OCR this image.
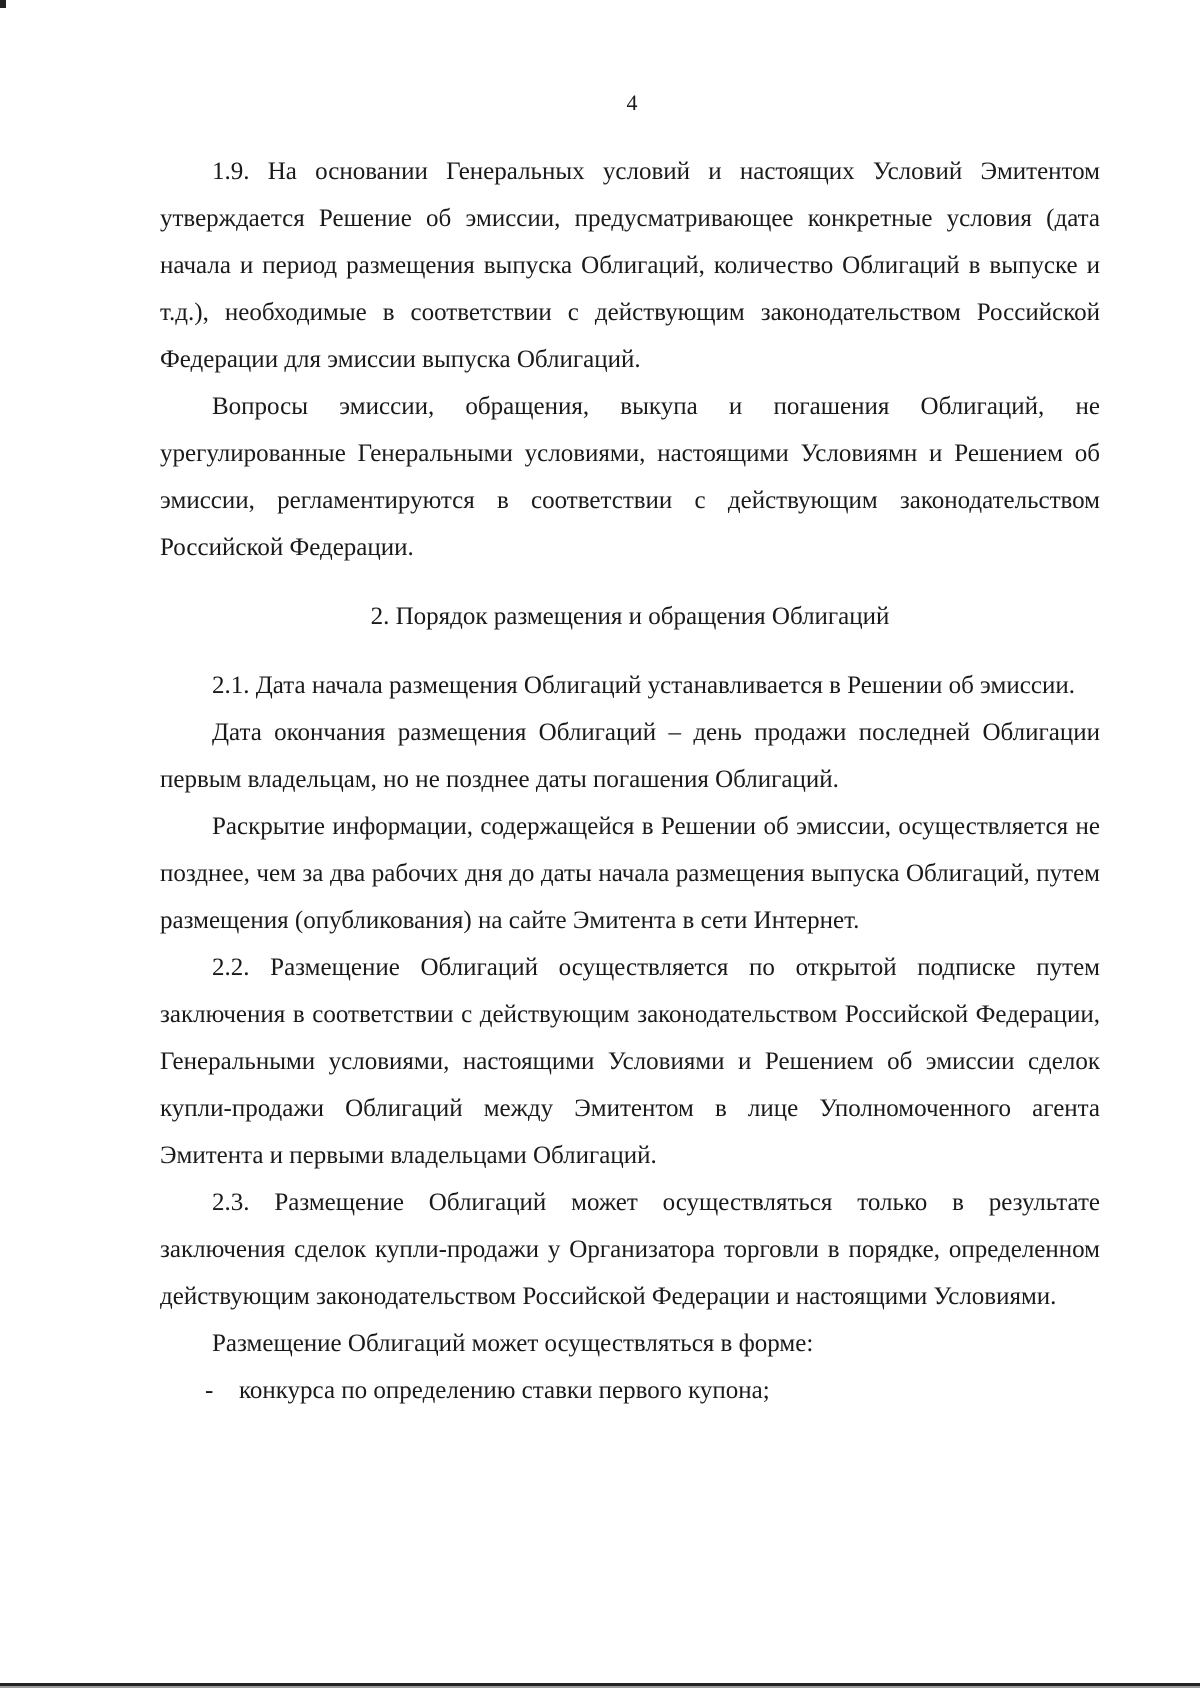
4

1.9. На основании Генеральных условий и настоящих Условий Эмитентом утверждается Решение об эмиссии, предусматривающее конкретные условия (дата начала и период размещения выпуска Облигаций, количество Облигаций в выпуске и т.д.), необходимые в соответствии с действующим законодательством Российской Федерации для эмиссии выпуска Облигаций.

Вопросы эмиссии, обращения, выкупа и погашения Облигаций, не урегулированные Генеральными условиями, настоящими Условиямн и Решением об эмиссии, регламентируются в соответствии с действующим законодательством Российской Федерации.

2. Порядок размещения и обращения Облигаций

2.1. Дата начала размещения Облигаций устанавливается в Решении об эмиссии.

Дата окончания размещения Облигаций – день продажи последней Облигации первым владельцам, но не позднее даты погашения Облигаций.

Раскрытие информации, содержащейся в Решении об эмиссии, осуществляется не позднее, чем за два рабочих дня до даты начала размещения выпуска Облигаций, путем размещения (опубликования) на сайте Эмитента в сети Интернет.

2.2. Размещение Облигаций осуществляется по открытой подписке путем заключения в соответствии с действующим законодательством Российской Федерации, Генеральными условиями, настоящими Условиями и Решением об эмиссии сделок купли-продажи Облигаций между Эмитентом в лице Уполномоченного агента Эмитента и первыми владельцами Облигаций.

2.3. Размещение Облигаций может осуществляться только в результате заключения сделок купли-продажи у Организатора торговли в порядке, определенном действующим законодательством Российской Федерации и настоящими Условиями.

Размещение Облигаций может осуществляться в форме:

- конкурса по определению ставки первого купона;
